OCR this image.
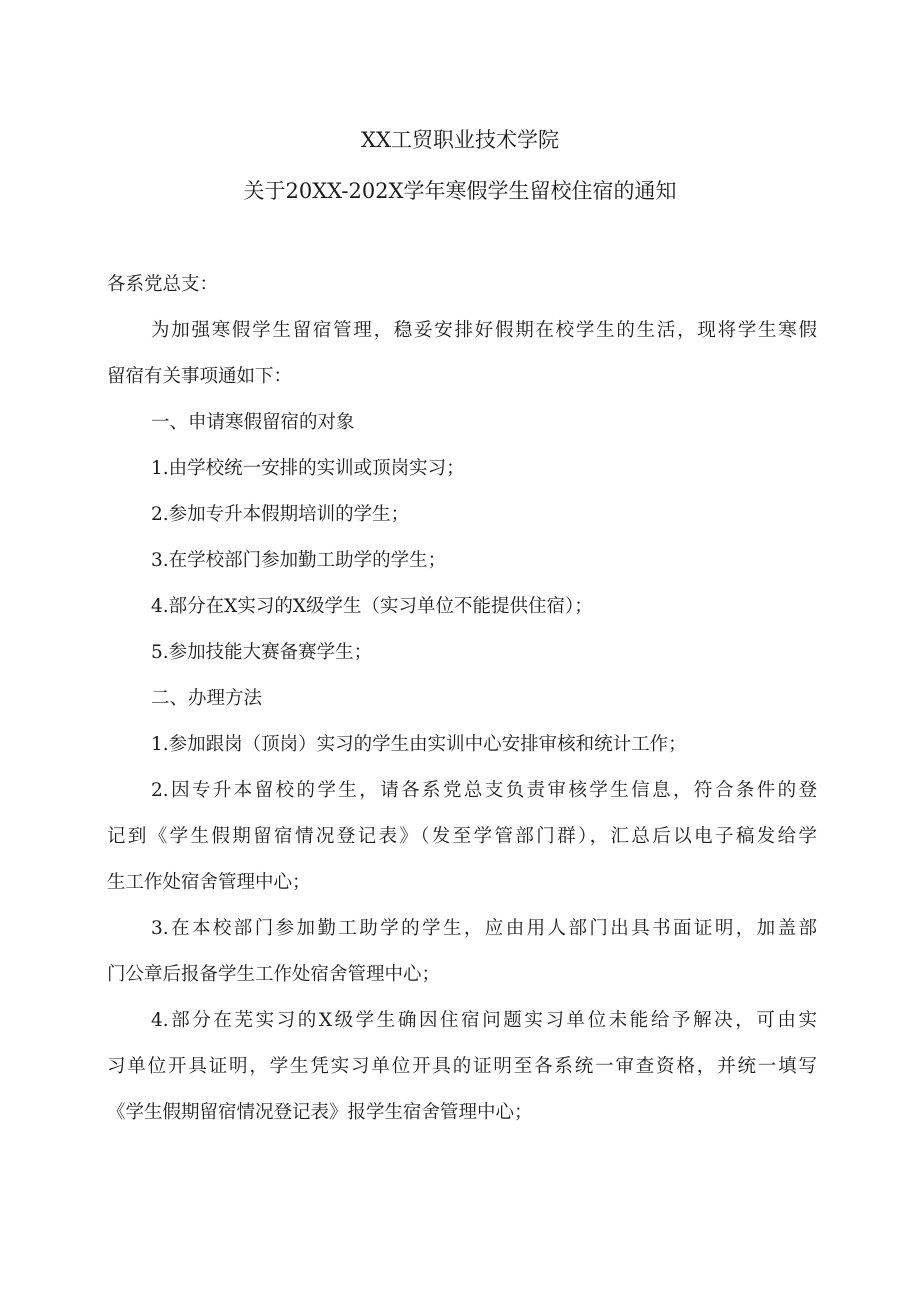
XX工贸职业技术学院
关于20XX-202X学年寒假学生留校住宿的通知
各系党总支：
为加强寒假学生留宿管理，稳妥安排好假期在校学生的生活，现将学生寒假
留宿有关事项通如下：
一、申请寒假留宿的对象
1.由学校统一安排的实训或顶岗实习；
2.参加专升本假期培训的学生；
3.在学校部门参加勤工助学的学生；
4.部分在X实习的X级学生（实习单位不能提供住宿）；
5.参加技能大赛备赛学生；
二、办理方法
1.参加跟岗（顶岗）实习的学生由实训中心安排审核和统计工作；
2.因专升本留校的学生，请各系党总支负责审核学生信息，符合条件的登
记到《学生假期留宿情况登记表》（发至学管部门群），汇总后以电子稿发给学
生工作处宿舍管理中心；
3.在本校部门参加勤工助学的学生，应由用人部门出具书面证明，加盖部
门公章后报备学生工作处宿舍管理中心；
4.部分在芜实习的X级学生确因住宿问题实习单位未能给予解决，可由实
习单位开具证明，学生凭实习单位开具的证明至各系统一审查资格，并统一填写
《学生假期留宿情况登记表》报学生宿舍管理中心；
